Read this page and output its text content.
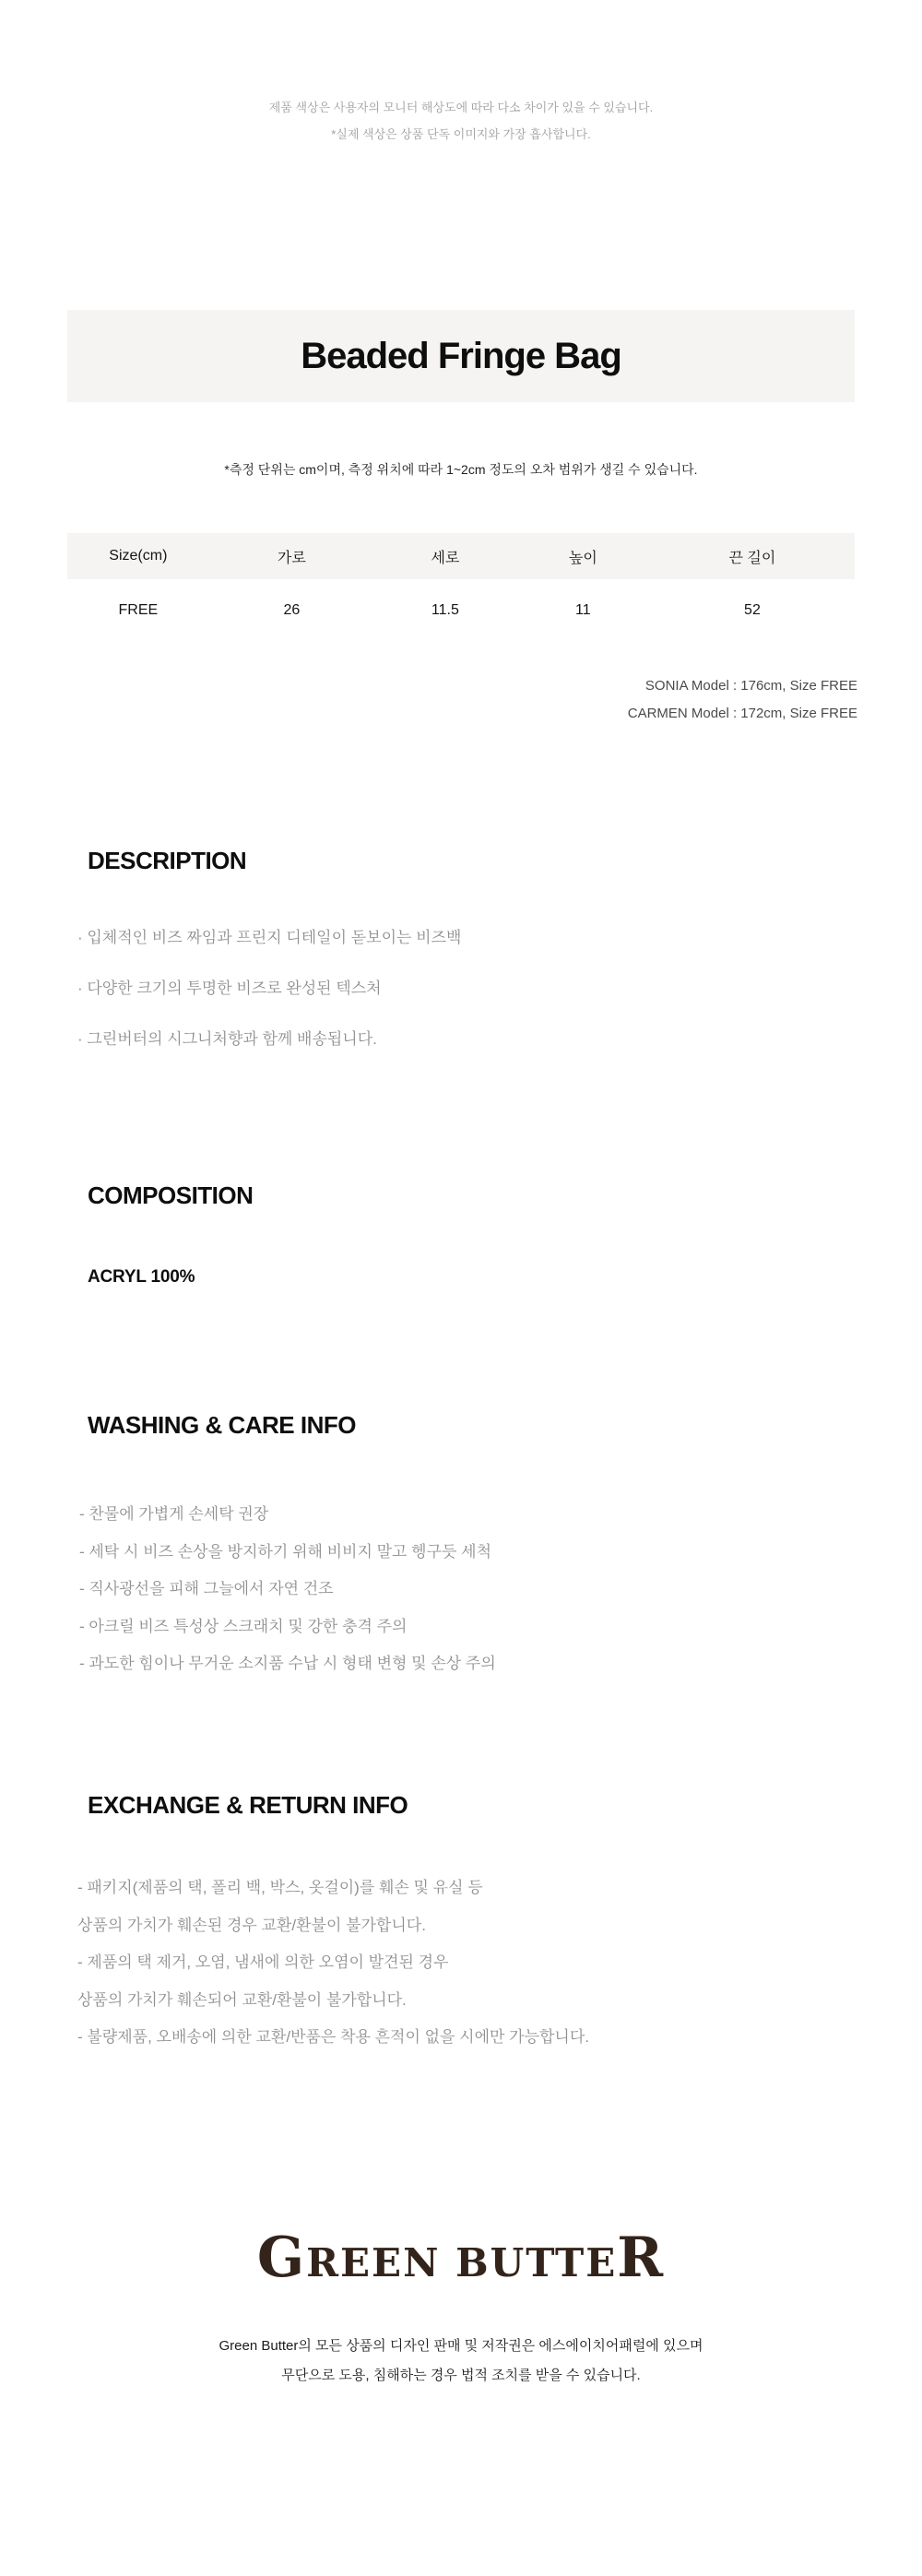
제품 색상은 사용자의 모니터 해상도에 따라 다소 차이가 있을 수 있습니다.

*실제 색상은 상품 단독 이미지와 가장 흡사합니다.

Beaded Fringe Bag

*측정 단위는 cm이며, 측정 위치에 따라 1~2cm 정도의 오차 범위가 생길 수 있습니다.

Size(cm)	가로	세로	높이	끈 길이
FREE	26	11.5	11	52

SONIA Model : 176cm, Size FREE

CARMEN Model : 172cm, Size FREE

DESCRIPTION

· 입체적인 비즈 짜임과 프린지 디테일이 돋보이는 비즈백

· 다양한 크기의 투명한 비즈로 완성된 텍스처

· 그린버터의 시그니처향과 함께 배송됩니다.

COMPOSITION

ACRYL 100%

WASHING & CARE INFO

- 찬물에 가볍게 손세탁 권장

- 세탁 시 비즈 손상을 방지하기 위해 비비지 말고 헹구듯 세척

- 직사광선을 피해 그늘에서 자연 건조

- 아크릴 비즈 특성상 스크래치 및 강한 충격 주의

- 과도한 힘이나 무거운 소지품 수납 시 형태 변형 및 손상 주의

EXCHANGE & RETURN INFO

- 패키지(제품의 택, 폴리 백, 박스, 옷걸이)를 훼손 및 유실 등

상품의 가치가 훼손된 경우 교환/환불이 불가합니다.

- 제품의 택 제거, 오염, 냄새에 의한 오염이 발견된 경우

상품의 가치가 훼손되어 교환/환불이 불가합니다.

- 불량제품, 오배송에 의한 교환/반품은 착용 흔적이 없을 시에만 가능합니다.

GREEN BUTTER

Green Butter의 모든 상품의 디자인 판매 및 저작권은 에스에이치어패럴에 있으며

무단으로 도용, 침해하는 경우 법적 조치를 받을 수 있습니다.
